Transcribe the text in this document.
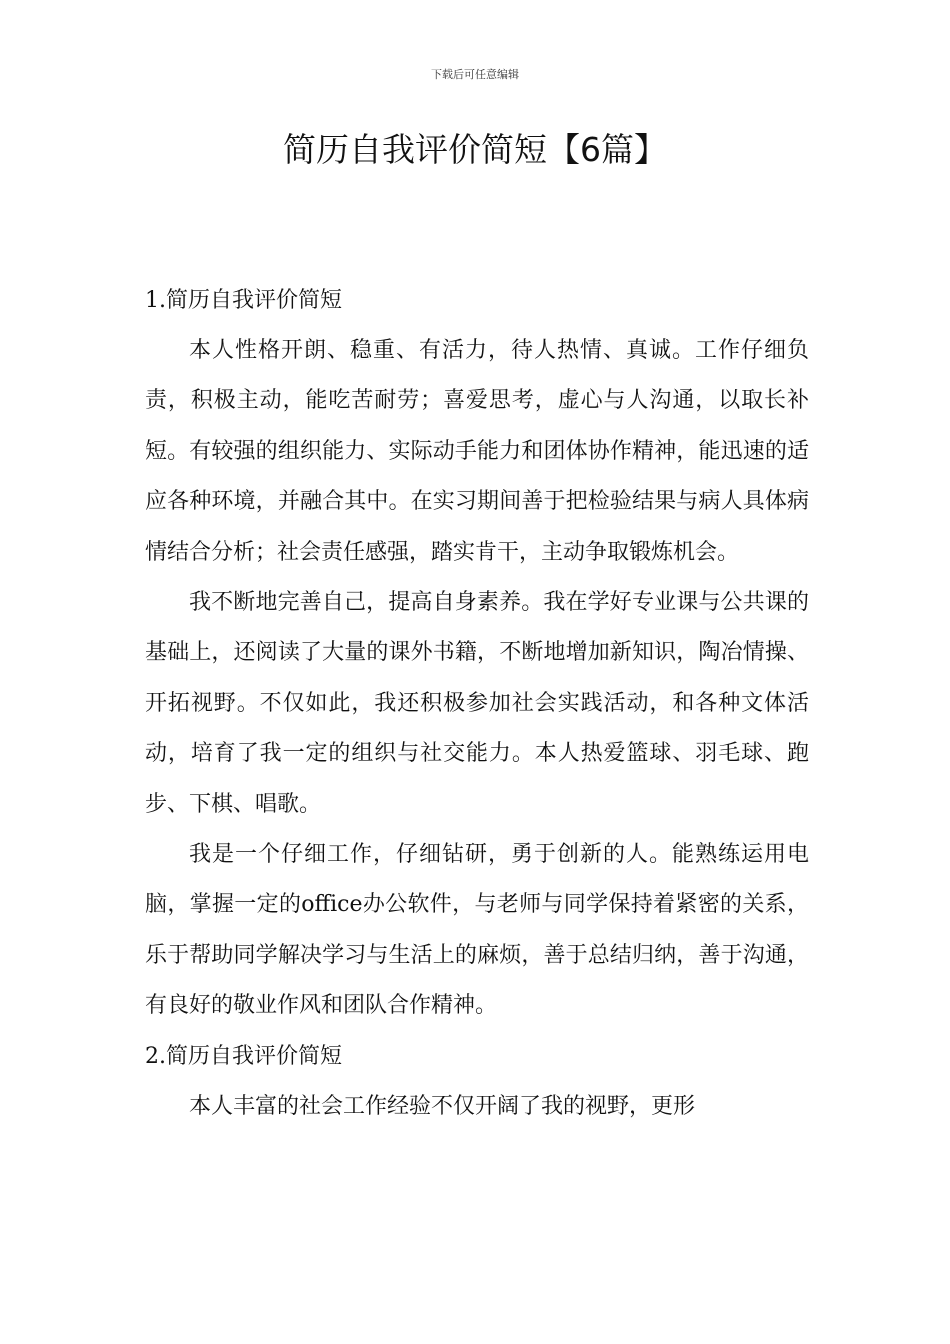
下载后可任意编辑
简历自我评价简短【6篇】
1.简历自我评价简短

本人性格开朗、稳重、有活力，待人热情、真诚。工作仔细负责，积极主动，能吃苦耐劳；喜爱思考，虚心与人沟通，以取长补短。有较强的组织能力、实际动手能力和团体协作精神，能迅速的适应各种环境，并融合其中。在实习期间善于把检验结果与病人具体病情结合分析；社会责任感强，踏实肯干，主动争取锻炼机会。

我不断地完善自己，提高自身素养。我在学好专业课与公共课的基础上，还阅读了大量的课外书籍，不断地增加新知识，陶冶情操、开拓视野。不仅如此，我还积极参加社会实践活动，和各种文体活动，培育了我一定的组织与社交能力。本人热爱篮球、羽毛球、跑步、下棋、唱歌。

我是一个仔细工作，仔细钻研，勇于创新的人。能熟练运用电脑，掌握一定的office办公软件，与老师与同学保持着紧密的关系，乐于帮助同学解决学习与生活上的麻烦，善于总结归纳，善于沟通，有良好的敬业作风和团队合作精神。

2.简历自我评价简短

本人丰富的社会工作经验不仅开阔了我的视野，更形
